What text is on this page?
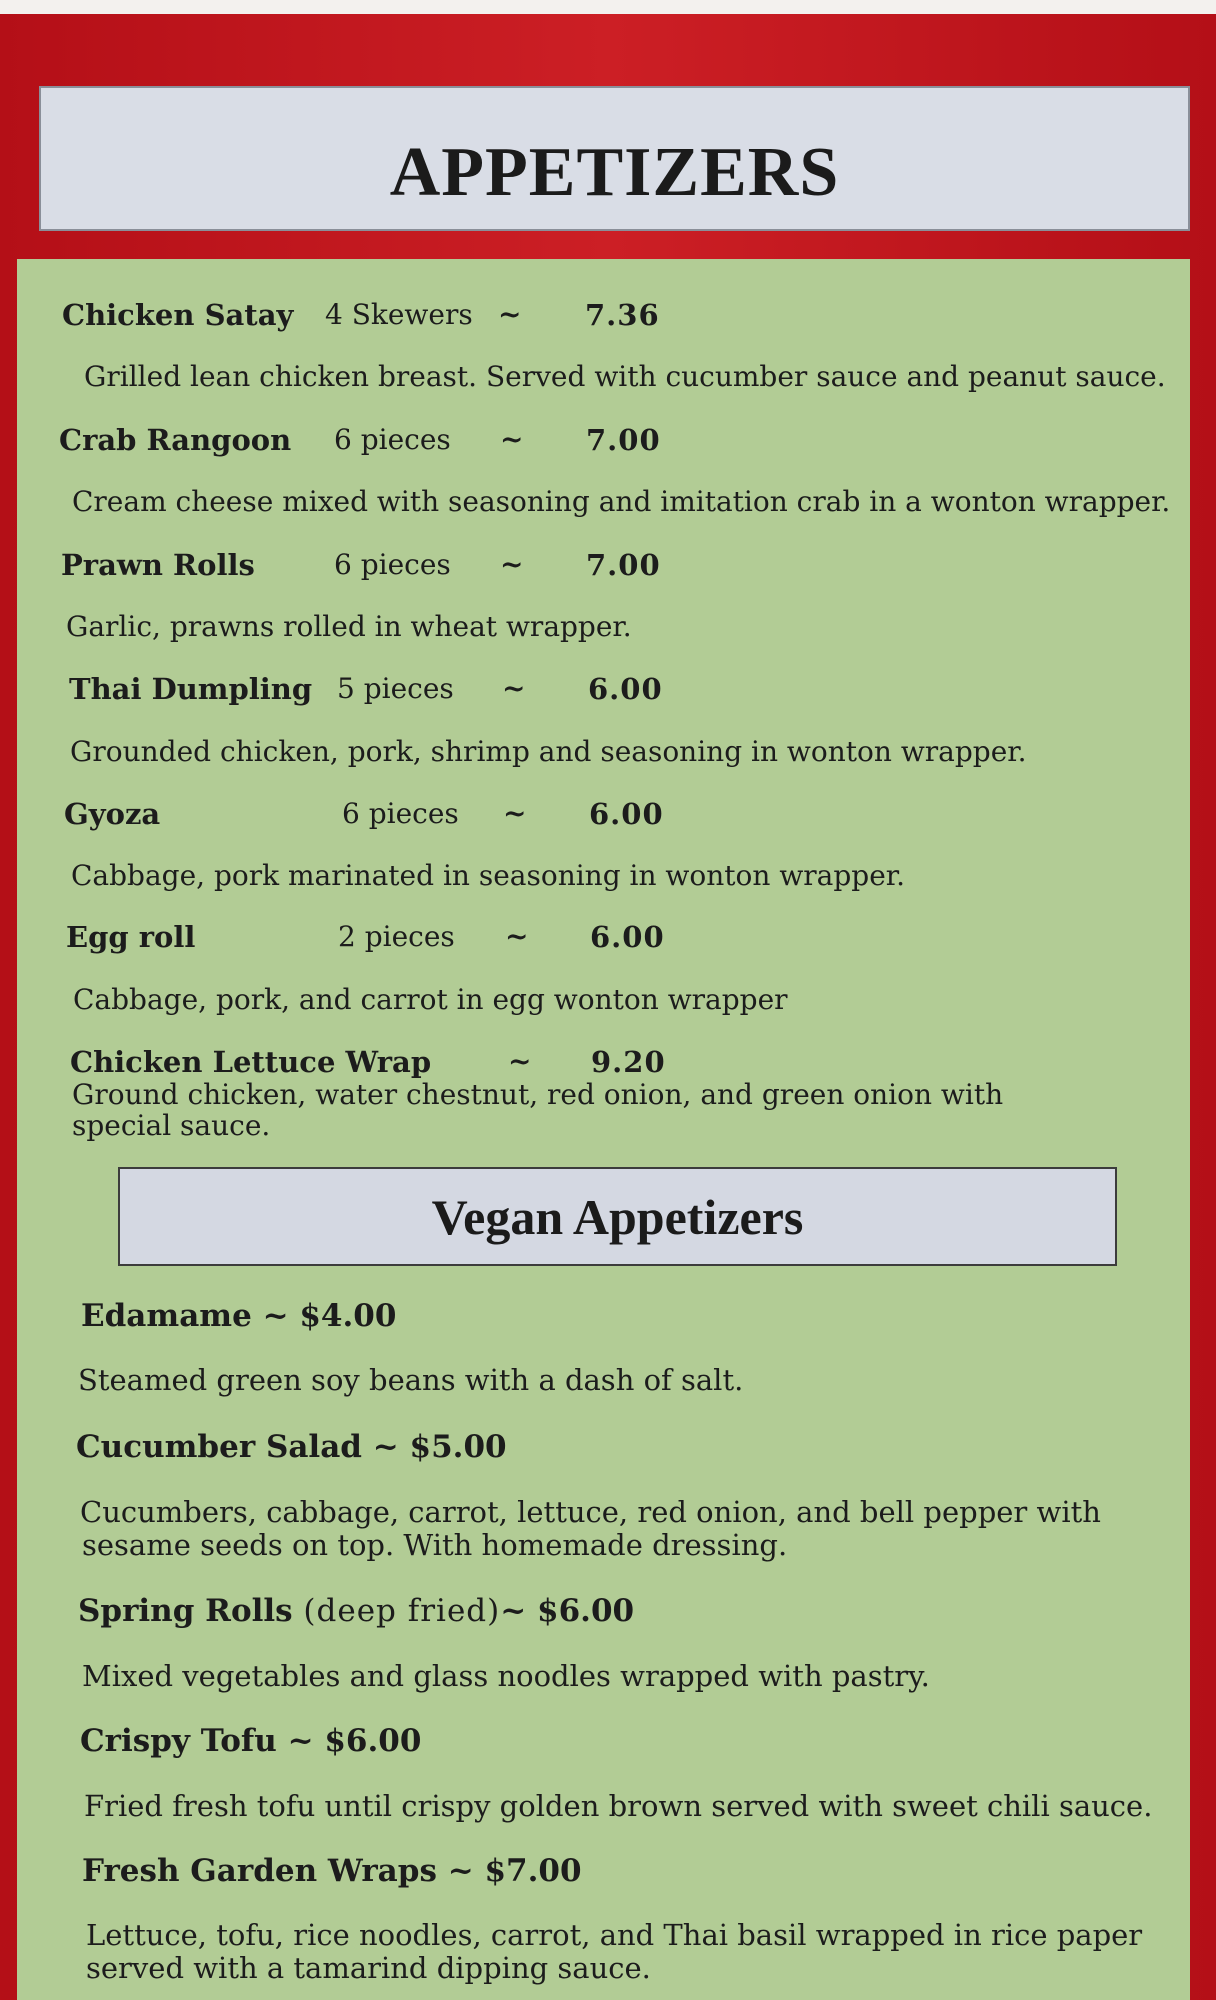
APPETIZERS
Chicken Satay 4 Skewers ~ 7.36
Grilled lean chicken breast. Served with cucumber sauce and peanut sauce.
Crab Rangoon 6 pieces ~ 7.00
Cream cheese mixed with seasoning and imitation crab in a wonton wrapper.
Prawn Rolls	6 pieces ~ 7.00
Garlic, prawns rolled in wheat wrapper.
Thai Dumpling 5 pieces ~ 6.00
Grounded chicken, pork, shrimp and seasoning in wonton wrapper.
Gyoza	6 pieces ~ 6.00
Cabbage, pork marinated in seasoning in wonton wrapper.
Egg roll	2 pieces ~ 6.00
Cabbage, pork, and carrot in egg wonton wrapper
Chicken Lettuce Wrap	~ 9.20
Ground chicken, water chestnut, red onion, and green onion with
special sauce.
Vegan Appetizers
Edamame ~ $4.00
Steamed green soy beans with a dash of salt.
Cucumber Salad ~ $5.00
Cucumbers, cabbage, carrot, lettuce, red onion, and bell pepper with
sesame seeds on top. With homemade dressing.
Spring Rolls (deep fried)~ $6.00
Mixed vegetables and glass noodles wrapped with pastry.
Crispy Tofu ~ $6.00
Fried fresh tofu until crispy golden brown served with sweet chili sauce.
Fresh Garden Wraps ~ $7.00
Lettuce, tofu, rice noodles, carrot, and Thai basil wrapped in rice paper
served with a tamarind dipping sauce.
